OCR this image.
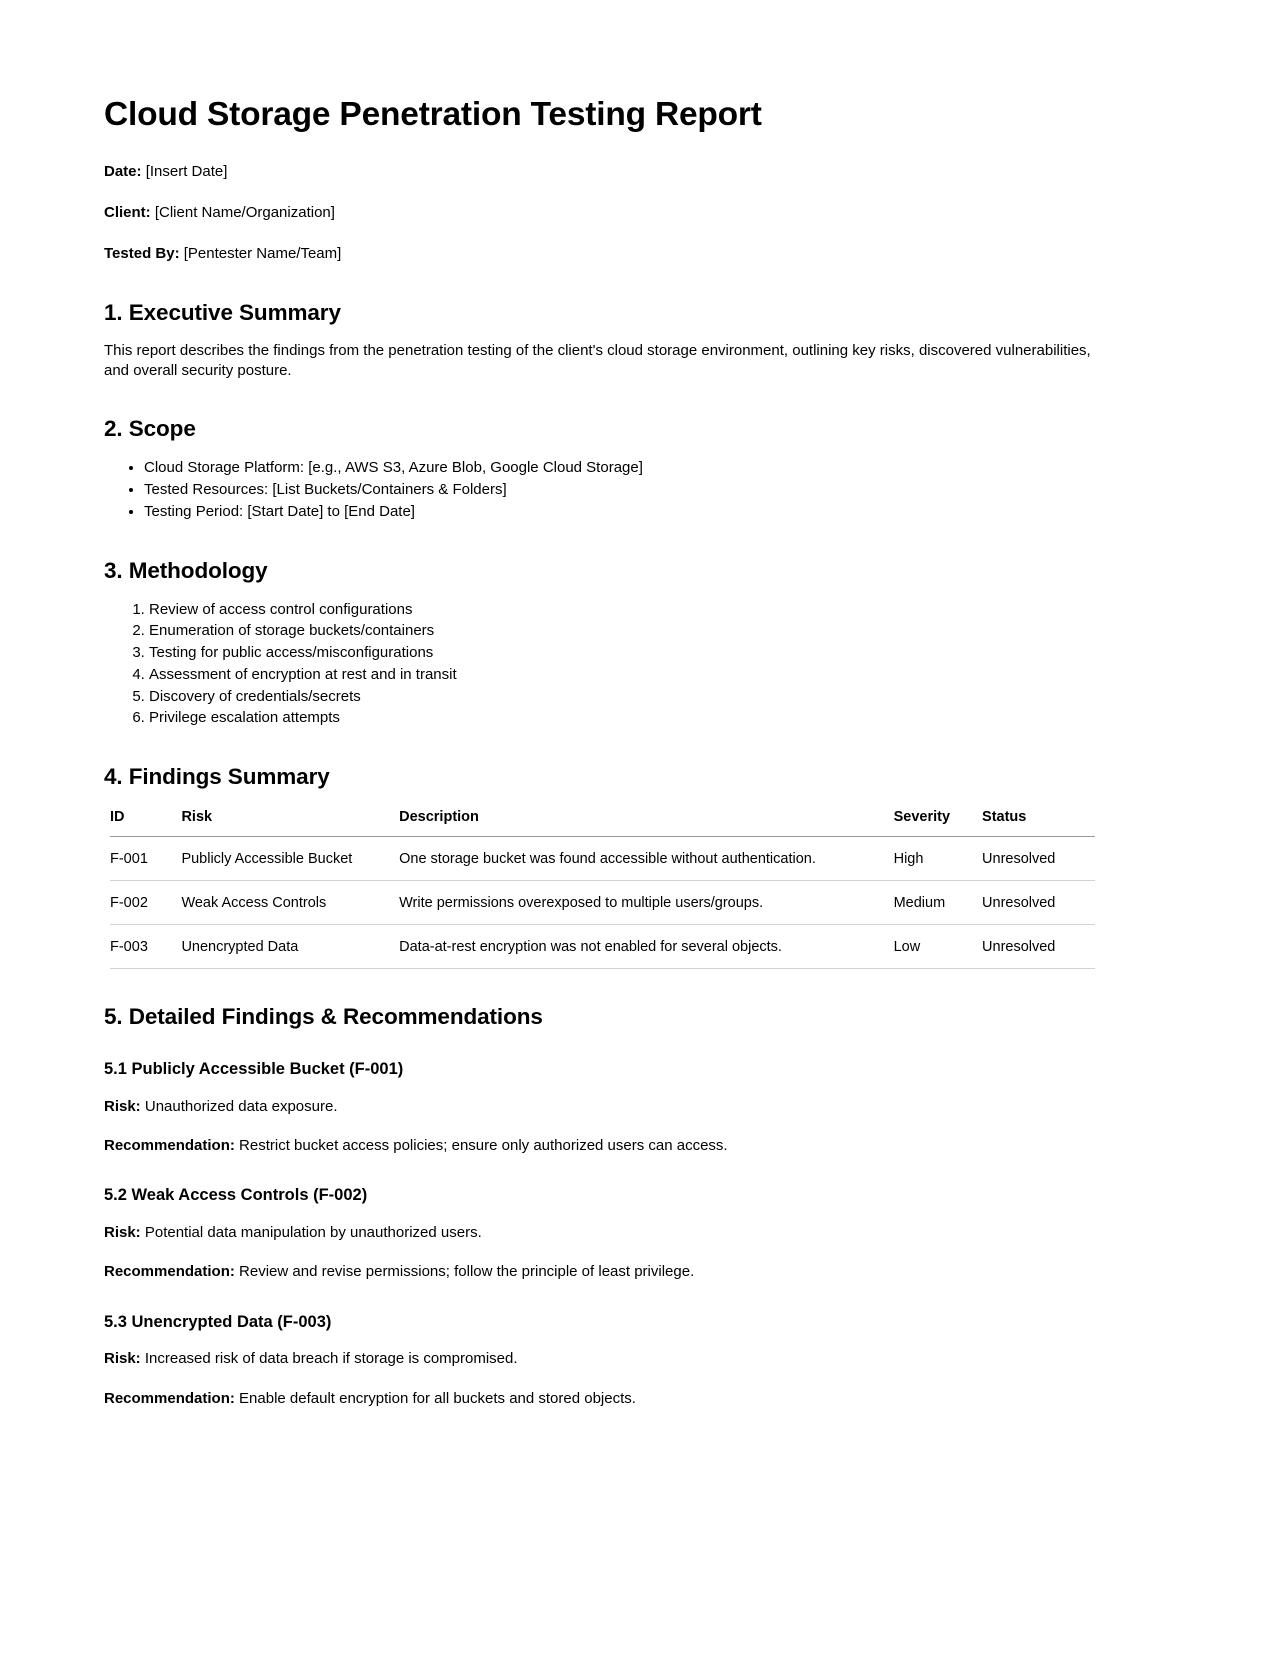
Cloud Storage Penetration Testing Report

Date: [Insert Date]

Client: [Client Name/Organization]

Tested By: [Pentester Name/Team]

1. Executive Summary

This report describes the findings from the penetration testing of the client's cloud storage environment, outlining key risks, discovered vulnerabilities, and overall security posture.

2. Scope
• Cloud Storage Platform: [e.g., AWS S3, Azure Blob, Google Cloud Storage]
• Tested Resources: [List Buckets/Containers & Folders]
• Testing Period: [Start Date] to [End Date]
3. Methodology
1. Review of access control configurations
2. Enumeration of storage buckets/containers
3. Testing for public access/misconfigurations
4. Assessment of encryption at rest and in transit
5. Discovery of credentials/secrets
6. Privilege escalation attempts
4. Findings Summary
ID	Risk	Description	Severity	Status
F-001	Publicly Accessible Bucket	One storage bucket was found accessible without authentication.	High	Unresolved
F-002	Weak Access Controls	Write permissions overexposed to multiple users/groups.	Medium	Unresolved
F-003	Unencrypted Data	Data-at-rest encryption was not enabled for several objects.	Low	Unresolved
5. Detailed Findings & Recommendations
5.1 Publicly Accessible Bucket (F-001)

Risk: Unauthorized data exposure.

Recommendation: Restrict bucket access policies; ensure only authorized users can access.

5.2 Weak Access Controls (F-002)

Risk: Potential data manipulation by unauthorized users.

Recommendation: Review and revise permissions; follow the principle of least privilege.

5.3 Unencrypted Data (F-003)

Risk: Increased risk of data breach if storage is compromised.

Recommendation: Enable default encryption for all buckets and stored objects.
